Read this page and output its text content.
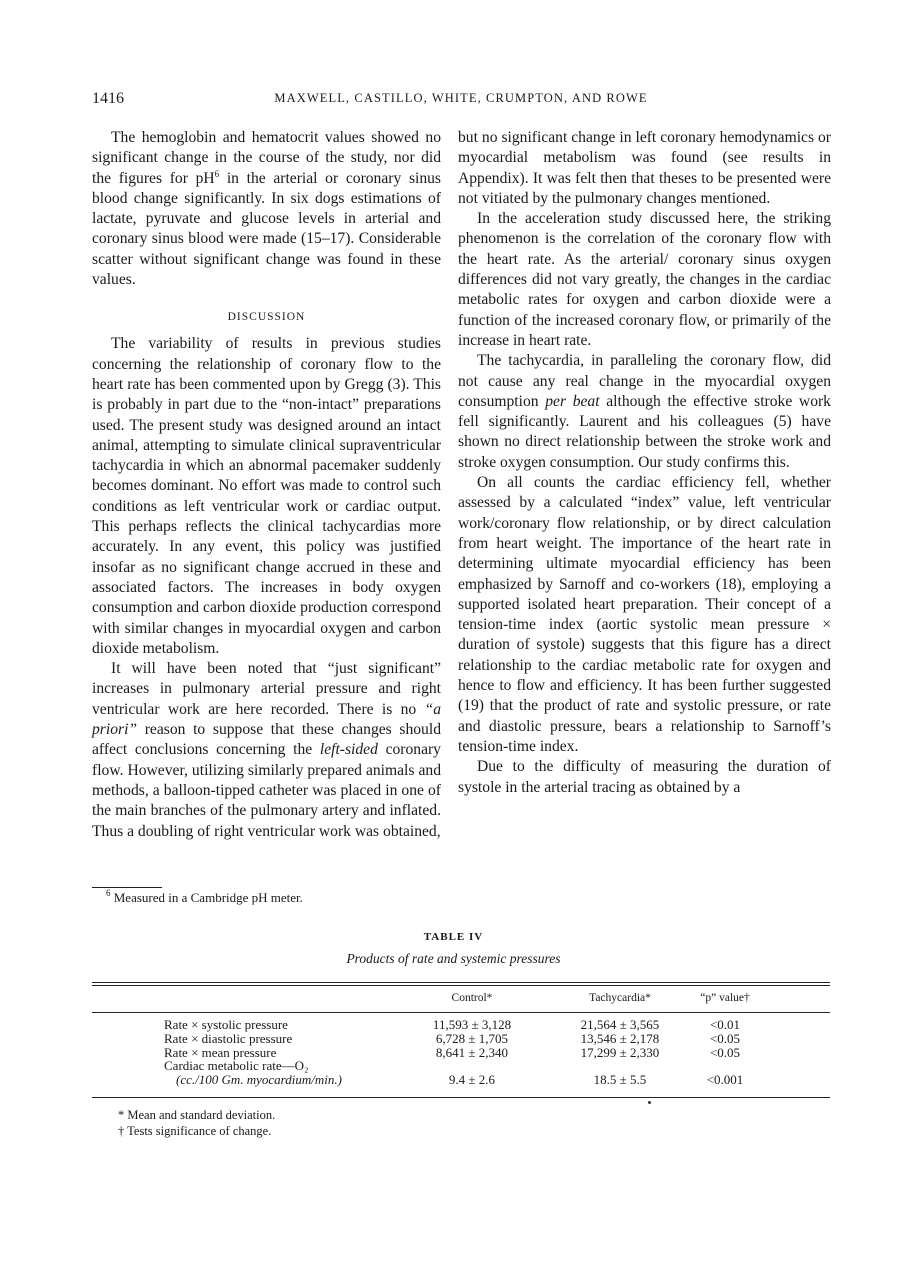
1416	MAXWELL, CASTILLO, WHITE, CRUMPTON, AND ROWE

The hemoglobin and hematocrit values showed no significant change in the course of the study, nor did the figures for $pH^6$ in the arterial or coronary sinus blood change significantly. In six dogs estimations of lactate, pyruvate and glucose levels in arterial and coronary sinus blood were made (15–17). Considerable scatter without significant change was found in these values.

DISCUSSION

The variability of results in previous studies concerning the relationship of coronary flow to the heart rate has been commented upon by Gregg (3). This is probably in part due to the “non-intact” preparations used. The present study was designed around an intact animal, attempting to simulate clinical supraventricular tachycardia in which an abnormal pacemaker suddenly becomes dominant. No effort was made to control such conditions as left ventricular work or cardiac output. This perhaps reflects the clinical tachycardias more accurately. In any event, this policy was justified insofar as no significant change accrued in these and associated factors. The increases in body oxygen consumption and carbon dioxide production correspond with similar changes in myocardial oxygen and carbon dioxide metabolism.

It will have been noted that “just significant” increases in pulmonary arterial pressure and right ventricular work are here recorded. There is no “a priori” reason to suppose that these changes should affect conclusions concerning the left-sided coronary flow. However, utilizing similarly prepared animals and methods, a balloon-tipped catheter was placed in one of the main branches of the pulmonary artery and inflated. Thus a doubling of right ventricular work was obtained,

but no significant change in left coronary hemodynamics or myocardial metabolism was found (see results in Appendix). It was felt then that theses to be presented were not vitiated by the pulmonary changes mentioned.

In the acceleration study discussed here, the striking phenomenon is the correlation of the coronary flow with the heart rate. As the arterial/ coronary sinus oxygen differences did not vary greatly, the changes in the cardiac metabolic rates for oxygen and carbon dioxide were a function of the increased coronary flow, or primarily of the increase in heart rate.

The tachycardia, in paralleling the coronary flow, did not cause any real change in the myocardial oxygen consumption per beat although the effective stroke work fell significantly. Laurent and his colleagues (5) have shown no direct relationship between the stroke work and stroke oxygen consumption. Our study confirms this.

On all counts the cardiac efficiency fell, whether assessed by a calculated “index” value, left ventricular work/coronary flow relationship, or by direct calculation from heart weight. The importance of the heart rate in determining ultimate myocardial efficiency has been emphasized by Sarnoff and co-workers (18), employing a supported isolated heart preparation. Their concept of a tension-time index (aortic systolic mean pressure × duration of systole) suggests that this figure has a direct relationship to the cardiac metabolic rate for oxygen and hence to flow and efficiency. It has been further suggested (19) that the product of rate and systolic pressure, or rate and diastolic pressure, bears a relationship to Sarnoff’s tension-time index.

Due to the difficulty of measuring the duration of systole in the arterial tracing as obtained by a

$^6$ Measured in a Cambridge pH meter.
TABLE IV
Products of rate and systemic pressures
Control*	Tachycardia*	“p” value†
Rate × systolic pressure	11,593 ± 3,128	21,564 ± 3,565	<0.01
Rate × diastolic pressure	6,728 ± 1,705	13,546 ± 2,178	<0.05
Rate × mean pressure	8,641 ± 2,340	17,299 ± 2,330	<0.05
Cardiac metabolic rate—O₂
(cc./100 Gm. myocardium/min.)	9.4 ± 2.6	18.5 ± 5.5	<0.001
* Mean and standard deviation.
† Tests significance of change.
